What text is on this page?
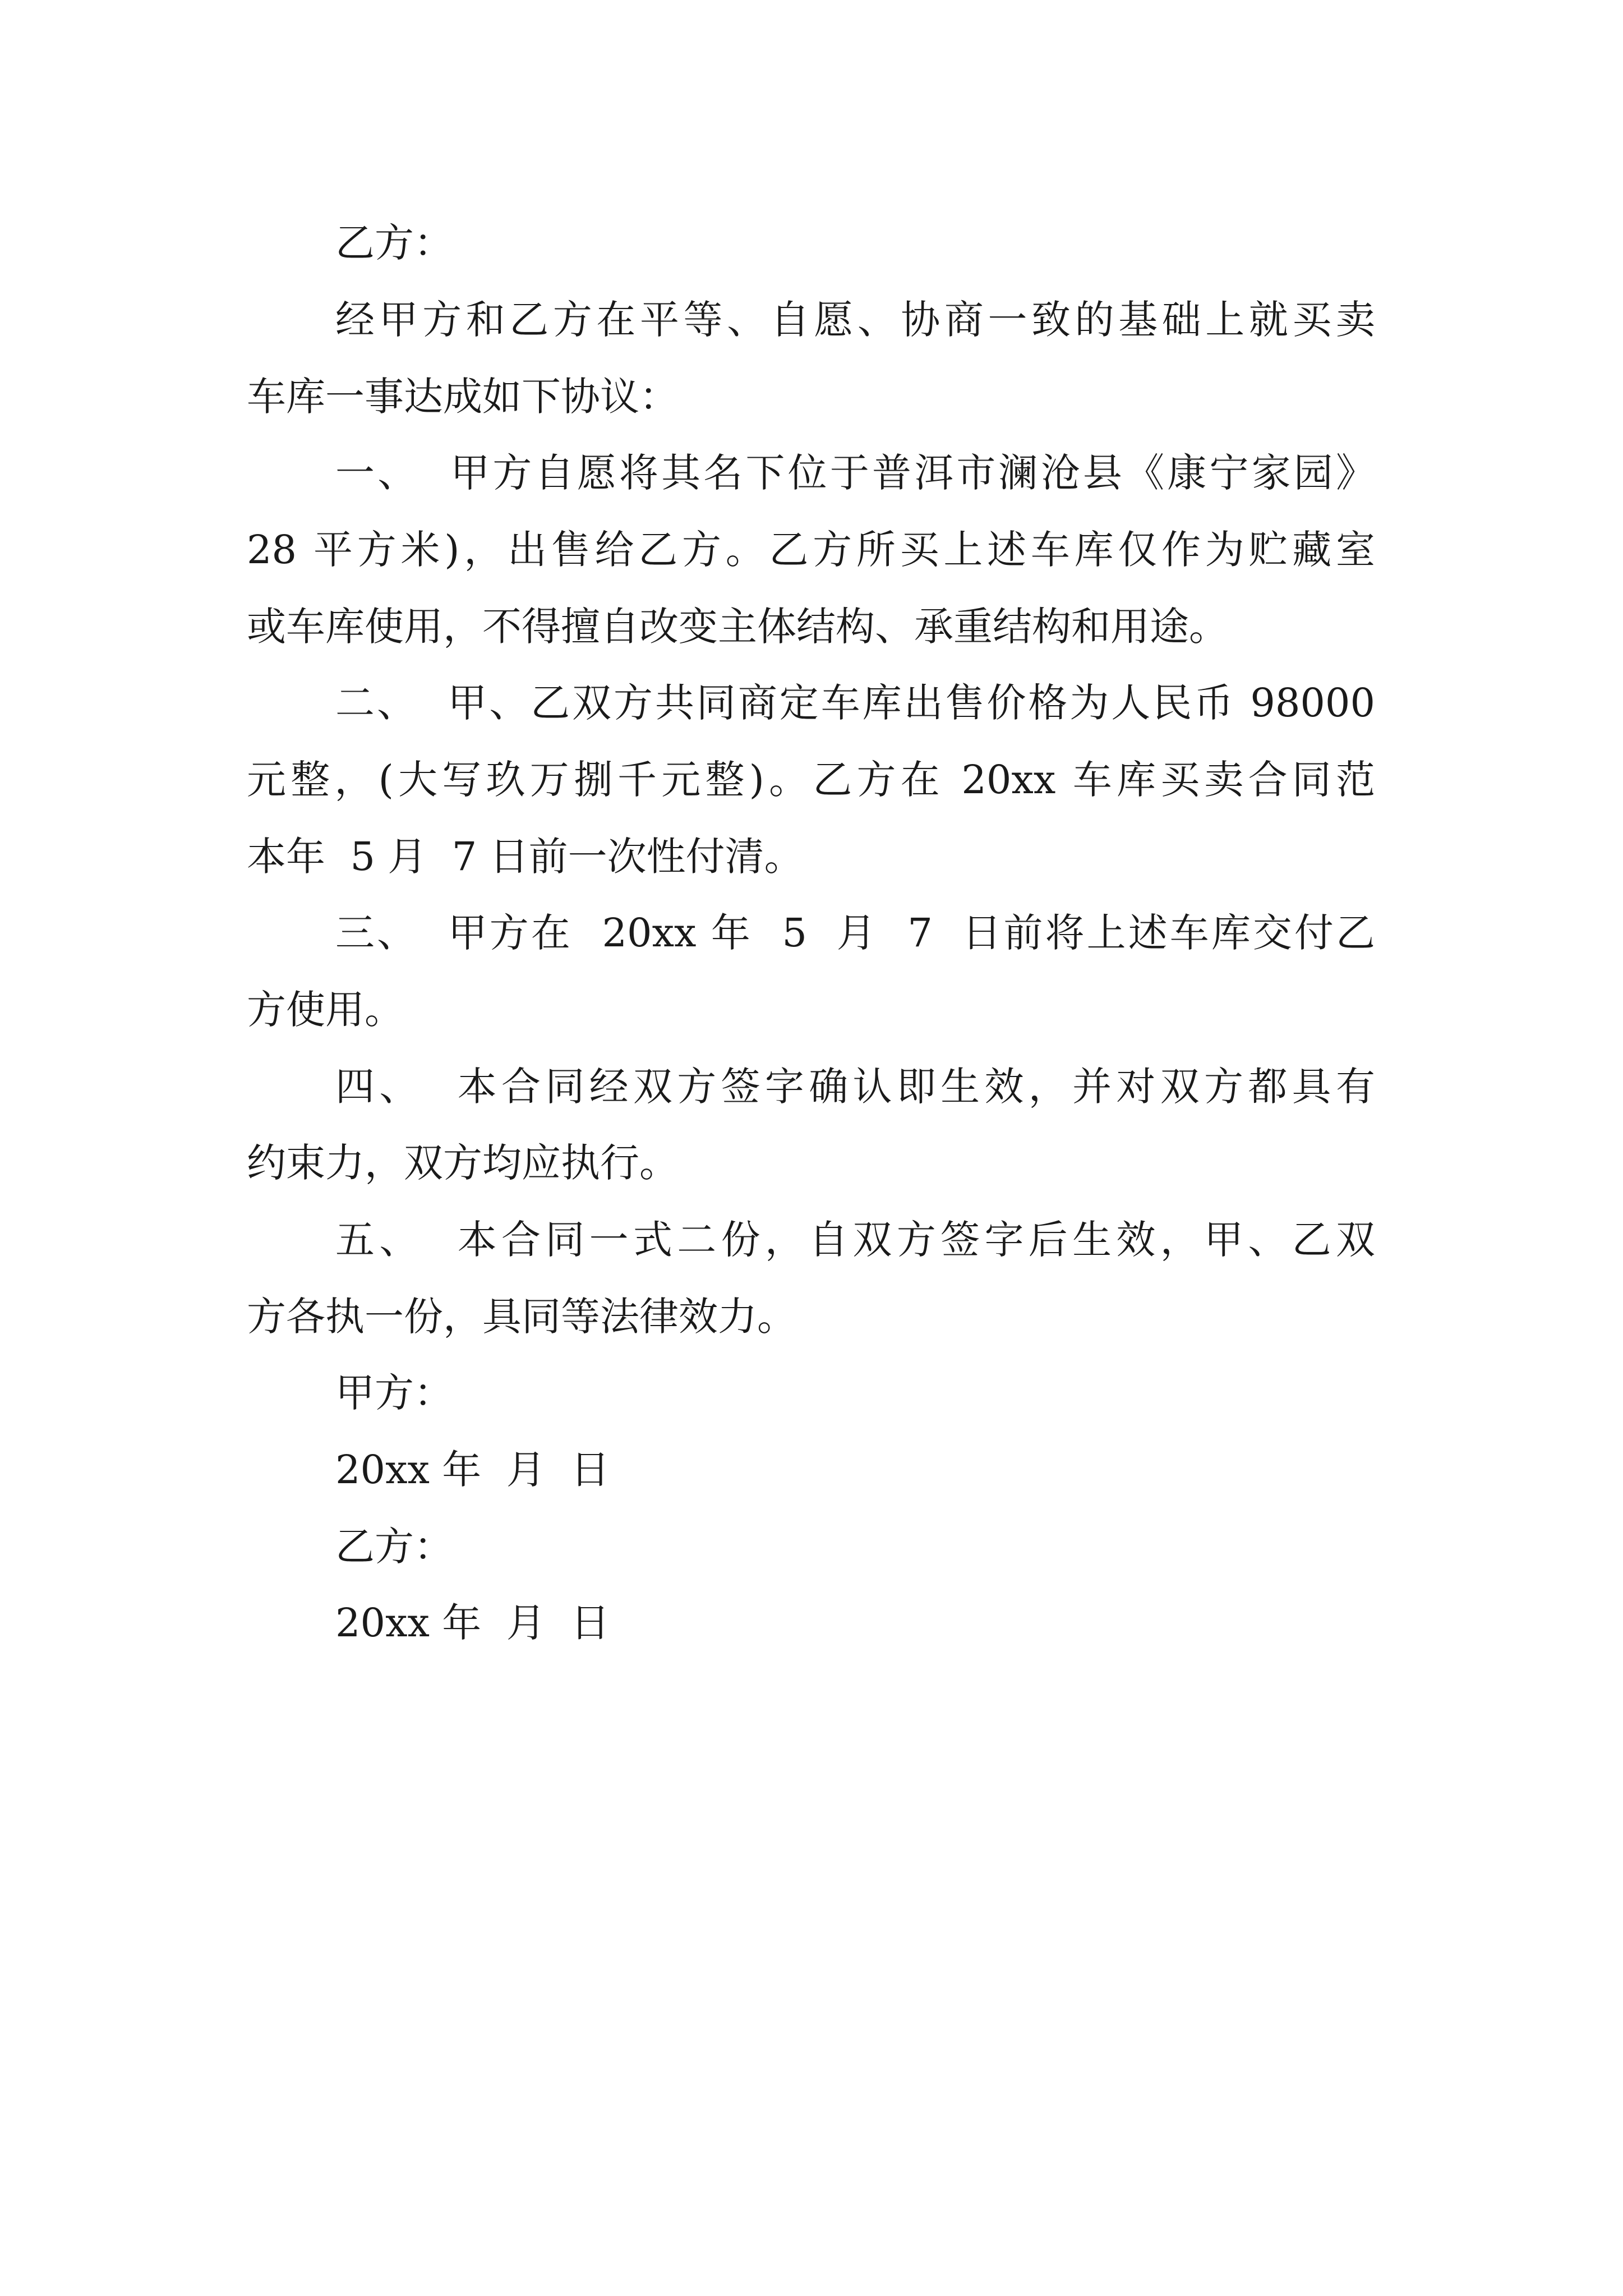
乙方：
经甲方和乙方在平等、自愿、协商一致的基础上就买卖
车库一事达成如下协议：
一、  甲方自愿将其名下位于普洱市澜沧县《康宁家园》
28 平方米)，出售给乙方。乙方所买上述车库仅作为贮藏室
或车库使用，不得擅自改变主体结构、承重结构和用途。
二、  甲、乙双方共同商定车库出售价格为人民币 98000
元整，(大写玖万捌千元整)。乙方在 20xx 车库买卖合同范
本年  5 月  7 日前一次性付清。
三、  甲方在  20xx 年  5  月  7  日前将上述车库交付乙
方使用。
四、  本合同经双方签字确认即生效，并对双方都具有
约束力，双方均应执行。
五、  本合同一式二份，自双方签字后生效，甲、乙双
方各执一份，具同等法律效力。
甲方：
20xx 年  月  日
乙方：
20xx 年  月  日
